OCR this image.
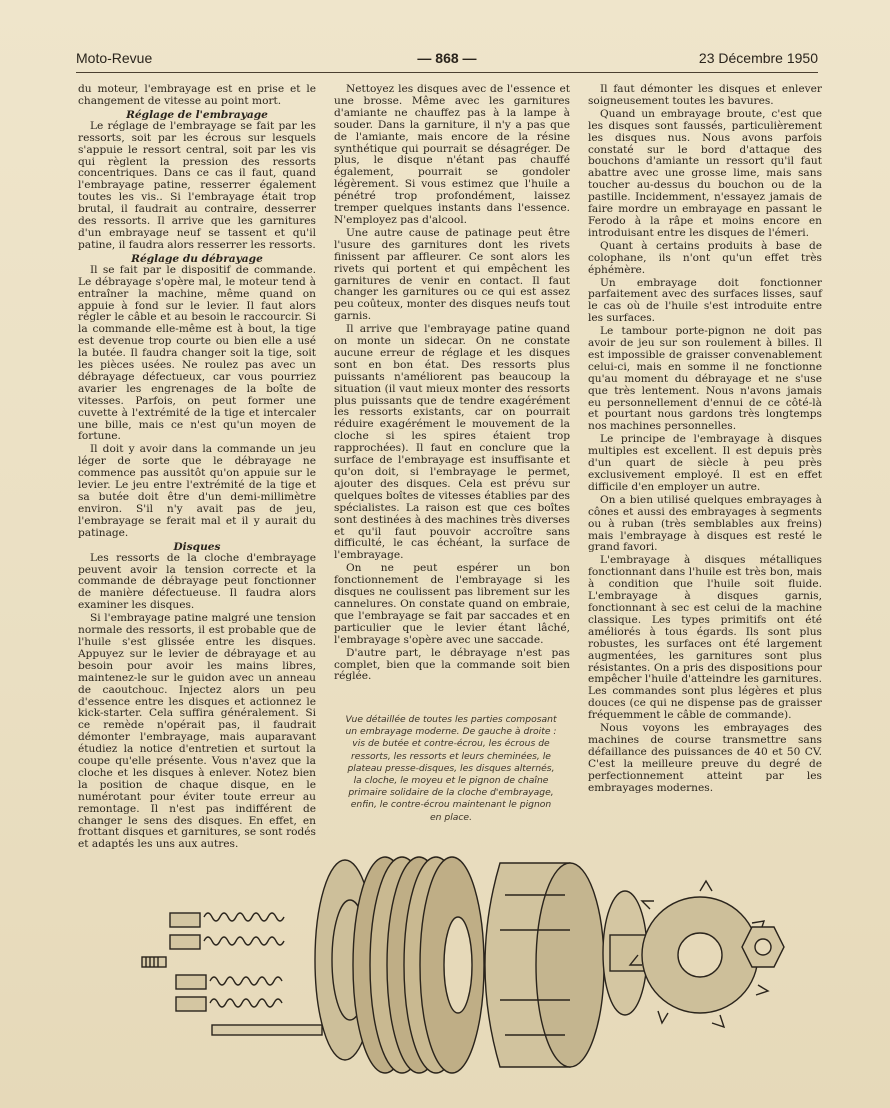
Moto-Revue	— 868 —	23 Décembre 1950

du moteur, l'embrayage est en prise et le changement de vitesse au point mort.

Réglage de l'embrayage

Le réglage de l'embrayage se fait par les ressorts, soit par les écrous sur lesquels s'appuie le ressort central, soit par les vis qui règlent la pression des ressorts concentriques. Dans ce cas il faut, quand l'embrayage patine, resserrer également toutes les vis.. Si l'embrayage était trop brutal, il faudrait au contraire, desserrer des ressorts. Il arrive que les garnitures d'un embrayage neuf se tassent et qu'il patine, il faudra alors resserrer les ressorts.

Réglage du débrayage

Il se fait par le dispositif de commande. Le débrayage s'opère mal, le moteur tend à entraîner la machine, même quand on appuie à fond sur le levier. Il faut alors régler le câble et au besoin le raccourcir. Si la commande elle-même est à bout, la tige est devenue trop courte ou bien elle a usé la butée. Il faudra changer soit la tige, soit les pièces usées. Ne roulez pas avec un débrayage défectueux, car vous pourriez avarier les engrenages de la boîte de vitesses. Parfois, on peut former une cuvette à l'extrémité de la tige et intercaler une bille, mais ce n'est qu'un moyen de fortune.

Il doit y avoir dans la commande un jeu léger de sorte que le débrayage ne commence pas aussitôt qu'on appuie sur le levier. Le jeu entre l'extrémité de la tige et sa butée doit être d'un demi-millimètre environ. S'il n'y avait pas de jeu, l'embrayage se ferait mal et il y aurait du patinage.

Disques

Les ressorts de la cloche d'embrayage peuvent avoir la tension correcte et la commande de débrayage peut fonctionner de manière défectueuse. Il faudra alors examiner les disques.

Si l'embrayage patine malgré une tension normale des ressorts, il est probable que de l'huile s'est glissée entre les disques. Appuyez sur le levier de débrayage et au besoin pour avoir les mains libres, maintenez-le sur le guidon avec un anneau de caoutchouc. Injectez alors un peu d'essence entre les disques et actionnez le kick-starter. Cela suffira généralement. Si ce remède n'opérait pas, il faudrait démonter l'embrayage, mais auparavant étudiez la notice d'entretien et surtout la coupe qu'elle présente. Vous n'avez que la cloche et les disques à enlever. Notez bien la position de chaque disque, en le numérotant pour éviter toute erreur au remontage. Il n'est pas indifférent de changer le sens des disques. En effet, en frottant disques et garnitures, se sont rodés et adaptés les uns aux autres.

Nettoyez les disques avec de l'essence et une brosse. Même avec les garnitures d'amiante ne chauffez pas à la lampe à souder. Dans la garniture, il n'y a pas que de l'amiante, mais encore de la résine synthétique qui pourrait se désagréger. De plus, le disque n'étant pas chauffé également, pourrait se gondoler légèrement. Si vous estimez que l'huile a pénétré trop profondément, laissez tremper quelques instants dans l'essence. N'employez pas d'alcool.

Une autre cause de patinage peut être l'usure des garnitures dont les rivets finissent par affleurer. Ce sont alors les rivets qui portent et qui empêchent les garnitures de venir en contact. Il faut changer les garnitures ou ce qui est assez peu coûteux, monter des disques neufs tout garnis.

Il arrive que l'embrayage patine quand on monte un sidecar. On ne constate aucune erreur de réglage et les disques sont en bon état. Des ressorts plus puissants n'améliorent pas beaucoup la situation (il vaut mieux monter des ressorts plus puissants que de tendre exagérément les ressorts existants, car on pourrait réduire exagérément le mouvement de la cloche si les spires étaient trop rapprochées). Il faut en conclure que la surface de l'embrayage est insuffisante et qu'on doit, si l'embrayage le permet, ajouter des disques. Cela est prévu sur quelques boîtes de vitesses établies par des spécialistes. La raison est que ces boîtes sont destinées à des machines très diverses et qu'il faut pouvoir accroître sans difficulté, le cas échéant, la surface de l'embrayage.

On ne peut espérer un bon fonctionnement de l'embrayage si les disques ne coulissent pas librement sur les cannelures. On constate quand on embraie, que l'embrayage se fait par saccades et en particulier que le levier étant lâché, l'embrayage s'opère avec une saccade.

D'autre part, le débrayage n'est pas complet, bien que la commande soit bien réglée.

Vue détaillée de toutes les parties composant un embrayage moderne. De gauche à droite : vis de butée et contre-écrou, les écrous de ressorts, les ressorts et leurs cheminées, le plateau presse-disques, les disques alternés, la cloche, le moyeu et le pignon de chaîne primaire solidaire de la cloche d'embrayage, enfin, le contre-écrou maintenant le pignon en place.

Il faut démonter les disques et enlever soigneusement toutes les bavures.

Quand un embrayage broute, c'est que les disques sont faussés, particulièrement les disques nus. Nous avons parfois constaté sur le bord d'attaque des bouchons d'amiante un ressort qu'il faut abattre avec une grosse lime, mais sans toucher au-dessus du bouchon ou de la pastille. Incidemment, n'essayez jamais de faire mordre un embrayage en passant le Ferodo à la râpe et moins encore en introduisant entre les disques de l'émeri.

Quant à certains produits à base de colophane, ils n'ont qu'un effet très éphémère.

Un embrayage doit fonctionner parfaitement avec des surfaces lisses, sauf le cas où de l'huile s'est introduite entre les surfaces.

Le tambour porte-pignon ne doit pas avoir de jeu sur son roulement à billes. Il est impossible de graisser convenablement celui-ci, mais en somme il ne fonctionne qu'au moment du débrayage et ne s'use que très lentement. Nous n'avons jamais eu personnellement d'ennui de ce côté-là et pourtant nous gardons très longtemps nos machines personnelles.

Le principe de l'embrayage à disques multiples est excellent. Il est depuis près d'un quart de siècle à peu près exclusivement employé. Il est en effet difficile d'en employer un autre.

On a bien utilisé quelques embrayages à cônes et aussi des embrayages à segments ou à ruban (très semblables aux freins) mais l'embrayage à disques est resté le grand favori.

L'embrayage à disques métalliques fonctionnant dans l'huile est très bon, mais à condition que l'huile soit fluide. L'embrayage à disques garnis, fonctionnant à sec est celui de la machine classique. Les types primitifs ont été améliorés à tous égards. Ils sont plus robustes, les surfaces ont été largement augmentées, les garnitures sont plus résistantes. On a pris des dispositions pour empêcher l'huile d'atteindre les garnitures. Les commandes sont plus légères et plus douces (ce qui ne dispense pas de graisser fréquemment le câble de commande).

Nous voyons les embrayages des machines de course transmettre sans défaillance des puissances de 40 et 50 CV. C'est la meilleure preuve du degré de perfectionnement atteint par les embrayages modernes.
